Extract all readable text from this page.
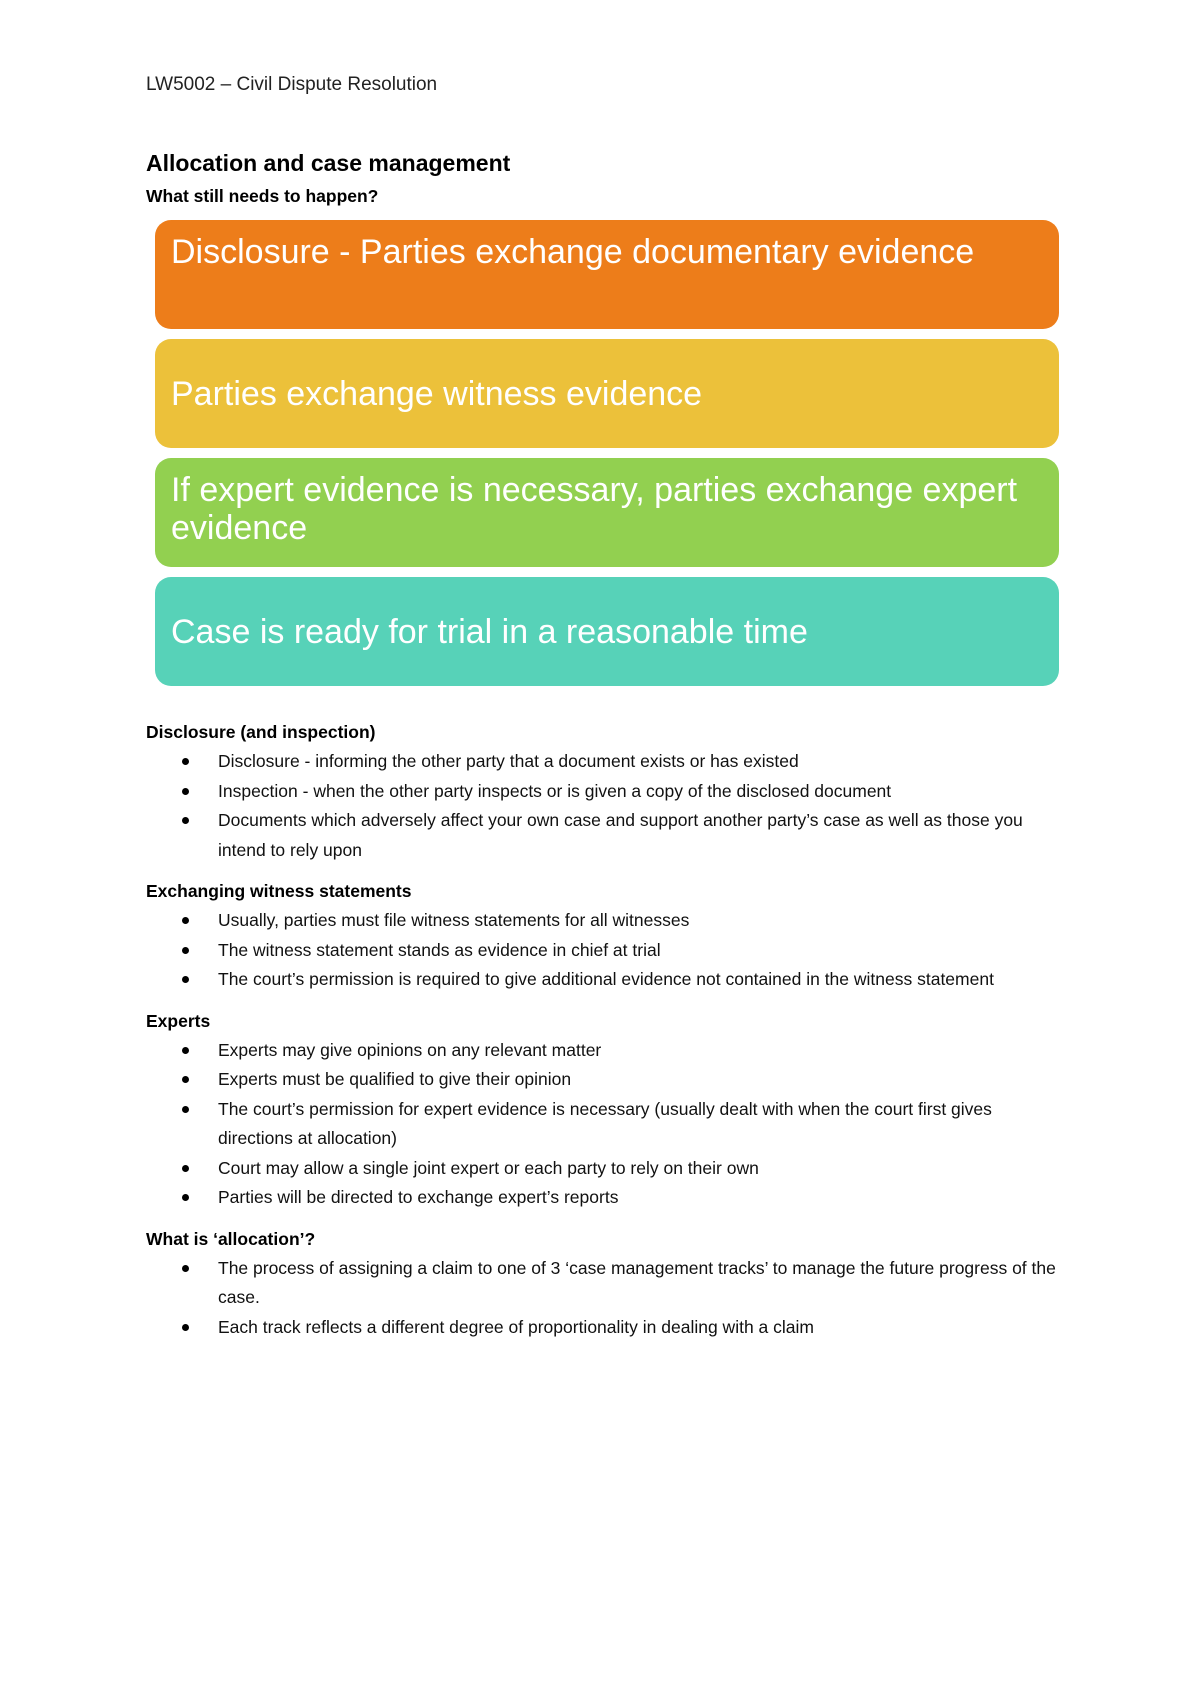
LW5002 – Civil Dispute Resolution
Allocation and case management
What still needs to happen?
Disclosure - Parties exchange documentary evidence
Parties exchange witness evidence
If expert evidence is necessary, parties exchange expert evidence
Case is ready for trial in a reasonable time
Disclosure (and inspection)
Disclosure - informing the other party that a document exists or has existed
Inspection - when the other party inspects or is given a copy of the disclosed document
Documents which adversely affect your own case and support another party’s case as well as those you intend to rely upon
Exchanging witness statements
Usually, parties must file witness statements for all witnesses
The witness statement stands as evidence in chief at trial
The court’s permission is required to give additional evidence not contained in the witness statement
Experts
Experts may give opinions on any relevant matter
Experts must be qualified to give their opinion
The court’s permission for expert evidence is necessary (usually dealt with when the court first gives directions at allocation)
Court may allow a single joint expert or each party to rely on their own
Parties will be directed to exchange expert’s reports
What is ‘allocation’?
The process of assigning a claim to one of 3 ‘case management tracks’ to manage the future progress of the case.
Each track reflects a different degree of proportionality in dealing with a claim
